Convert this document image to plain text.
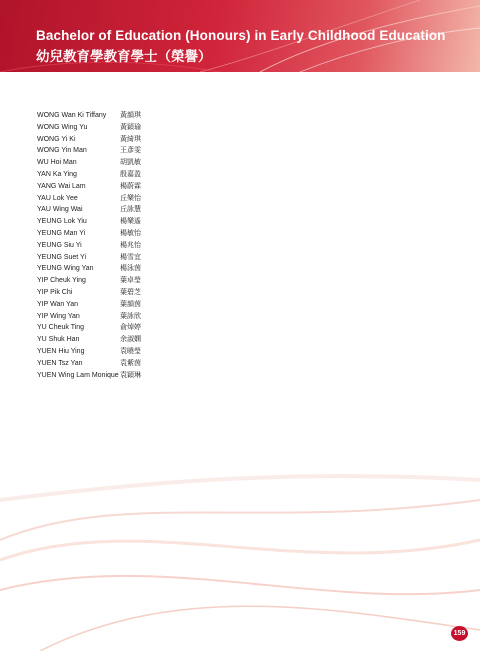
Bachelor of Education (Honours) in Early Childhood Education
幼兒教育學教育學士（榮譽）
WONG Wan Ki Tiffany	黃韻琪
WONG Wing Yu	黃穎瑜
WONG Yi Ki	黃綺琪
WONG Yin Man	王彥雯
WU Hoi Man	胡凱敏
YAN Ka Ying	殷嘉盈
YANG Wai Lam	楊蔚霖
YAU Lok Yee	丘樂怡
YAU Wing Wai	丘詠慧
YEUNG Lok Yiu	楊樂遙
YEUNG Man Yi	楊敏怡
YEUNG Siu Yi	楊兆怡
YEUNG Suet Yi	楊雪宜
YEUNG Wing Yan	楊泳茵
YIP Cheuk Ying	葉卓瑩
YIP Pik Chi	葉碧芝
YIP Wan Yan	葉韻茵
YIP Wing Yan	葉詠欣
YU Cheuk Ting	俞焯婷
YU Shuk Han	余淑嫻
YUEN Hiu Ying	袁曉瑩
YUEN Tsz Yan	袁紫茵
YUEN Wing Lam Monique 袁穎琳
159
